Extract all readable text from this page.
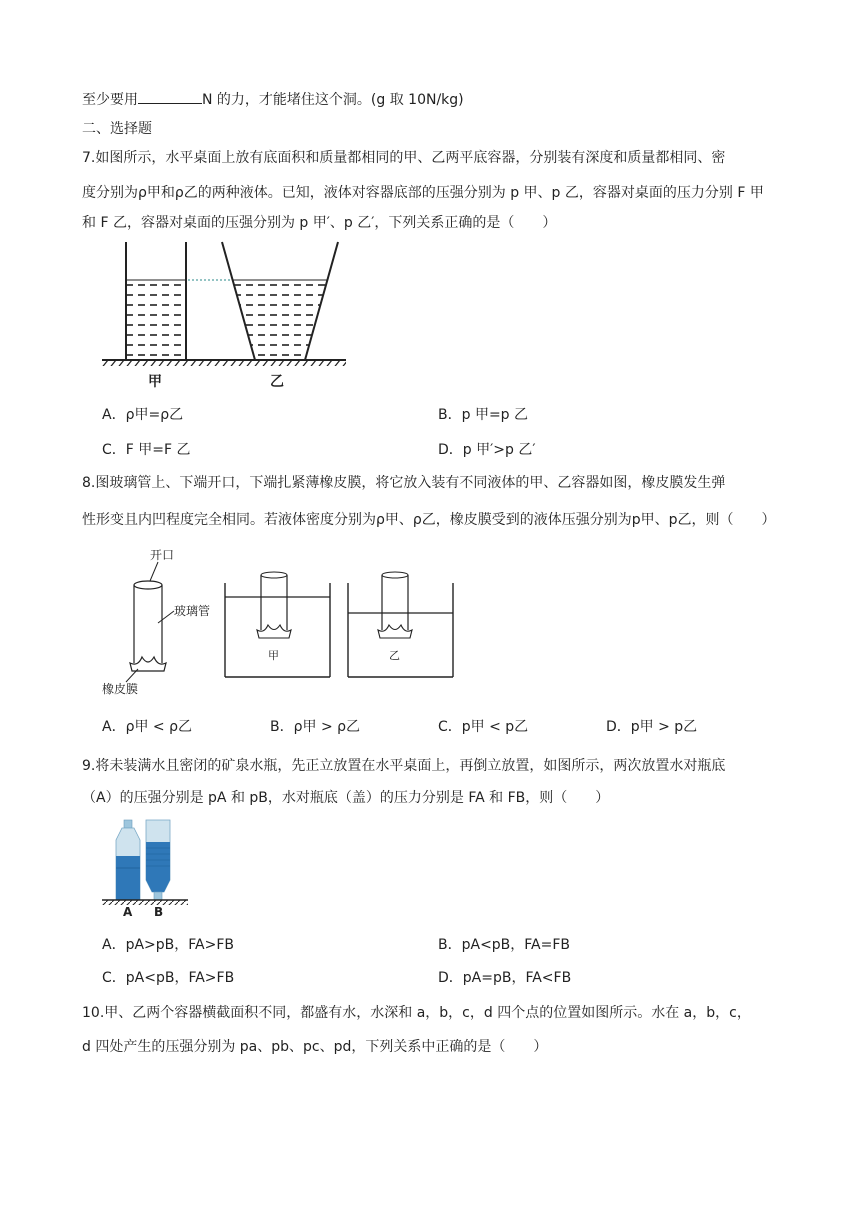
至少要用	N 的力，才能堵住这个洞。(g 取 10N/kg)
二、选择题
7.如图所示，水平桌面上放有底面积和质量都相同的甲、乙两平底容器，分别装有深度和质量都相同、密
度分别为ρ甲和ρ乙的两种液体。已知，液体对容器底部的压强分别为 p 甲、p 乙，容器对桌面的压力分别 F 甲
和 F 乙，容器对桌面的压强分别为 p 甲′、p 乙′，下列关系正确的是（　　）
甲	乙
A．ρ甲=ρ乙	B．p 甲=p 乙
C．F 甲=F 乙	D．p 甲′>p 乙′
8.图玻璃管上、下端开口，下端扎紧薄橡皮膜，将它放入装有不同液体的甲、乙容器如图，橡皮膜发生弹
性形变且内凹程度完全相同。若液体密度分别为ρ甲、ρ乙，橡皮膜受到的液体压强分别为p甲、p乙，则（　　）
开口
玻璃管
橡皮膜
甲	乙
A．ρ甲 < ρ乙	B．ρ甲 > ρ乙	C．p甲 < p乙	D．p甲 > p乙
9.将未装满水且密闭的矿泉水瓶，先正立放置在水平桌面上，再倒立放置，如图所示，两次放置水对瓶底
（A）的压强分别是 pA 和 pB，水对瓶底（盖）的压力分别是 FA 和 FB，则（　　）
A B
A．pA>pB，FA>FB	B．pA<pB，FA=FB
C．pA<pB，FA>FB	D．pA=pB，FA<FB
10.甲、乙两个容器横截面积不同，都盛有水，水深和 a，b，c，d 四个点的位置如图所示。水在 a，b，c，
d 四处产生的压强分别为 pa、pb、pc、pd，下列关系中正确的是（　　）
